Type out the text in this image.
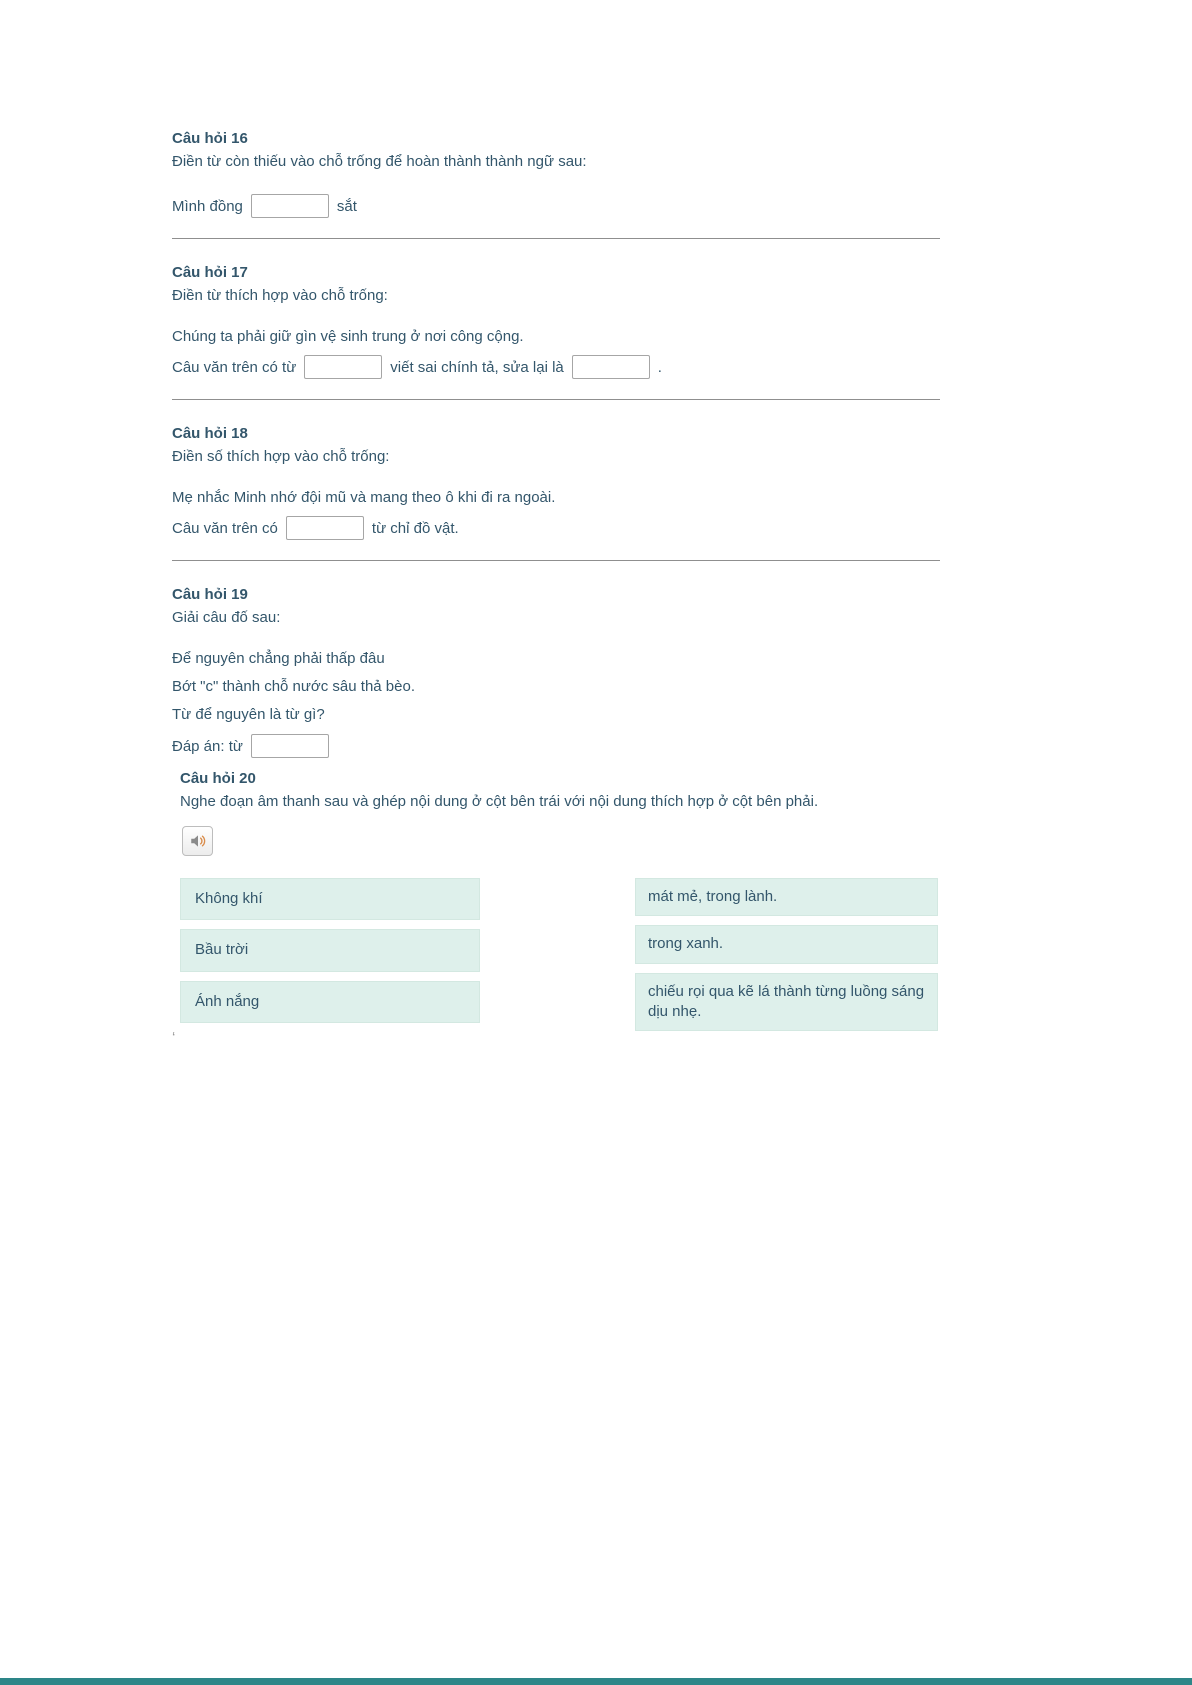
Câu hỏi 16

Điền từ còn thiếu vào chỗ trống để hoàn thành thành ngữ sau:

Mình đồng	sắt
Câu hỏi 17

Điền từ thích hợp vào chỗ trống:

Chúng ta phải giữ gìn vệ sinh trung ở nơi công cộng.

Câu văn trên có từ	viết sai chính tả, sửa lại là	.
Câu hỏi 18

Điền số thích hợp vào chỗ trống:

Mẹ nhắc Minh nhớ đội mũ và mang theo ô khi đi ra ngoài.

Câu văn trên có	từ chỉ đồ vật.
Câu hỏi 19

Giải câu đố sau:

Để nguyên chẳng phải thấp đâu

Bớt "c" thành chỗ nước sâu thả bèo.

Từ để nguyên là từ gì?

Đáp án: từ
Câu hỏi 20

Nghe đoạn âm thanh sau và ghép nội dung ở cột bên trái với nội dung thích hợp ở cột bên phải.

Không khí
Bầu trời
Ánh nắng
‘
mát mẻ, trong lành.
trong xanh.
chiếu rọi qua kẽ lá thành từng luồng sáng dịu nhẹ.
